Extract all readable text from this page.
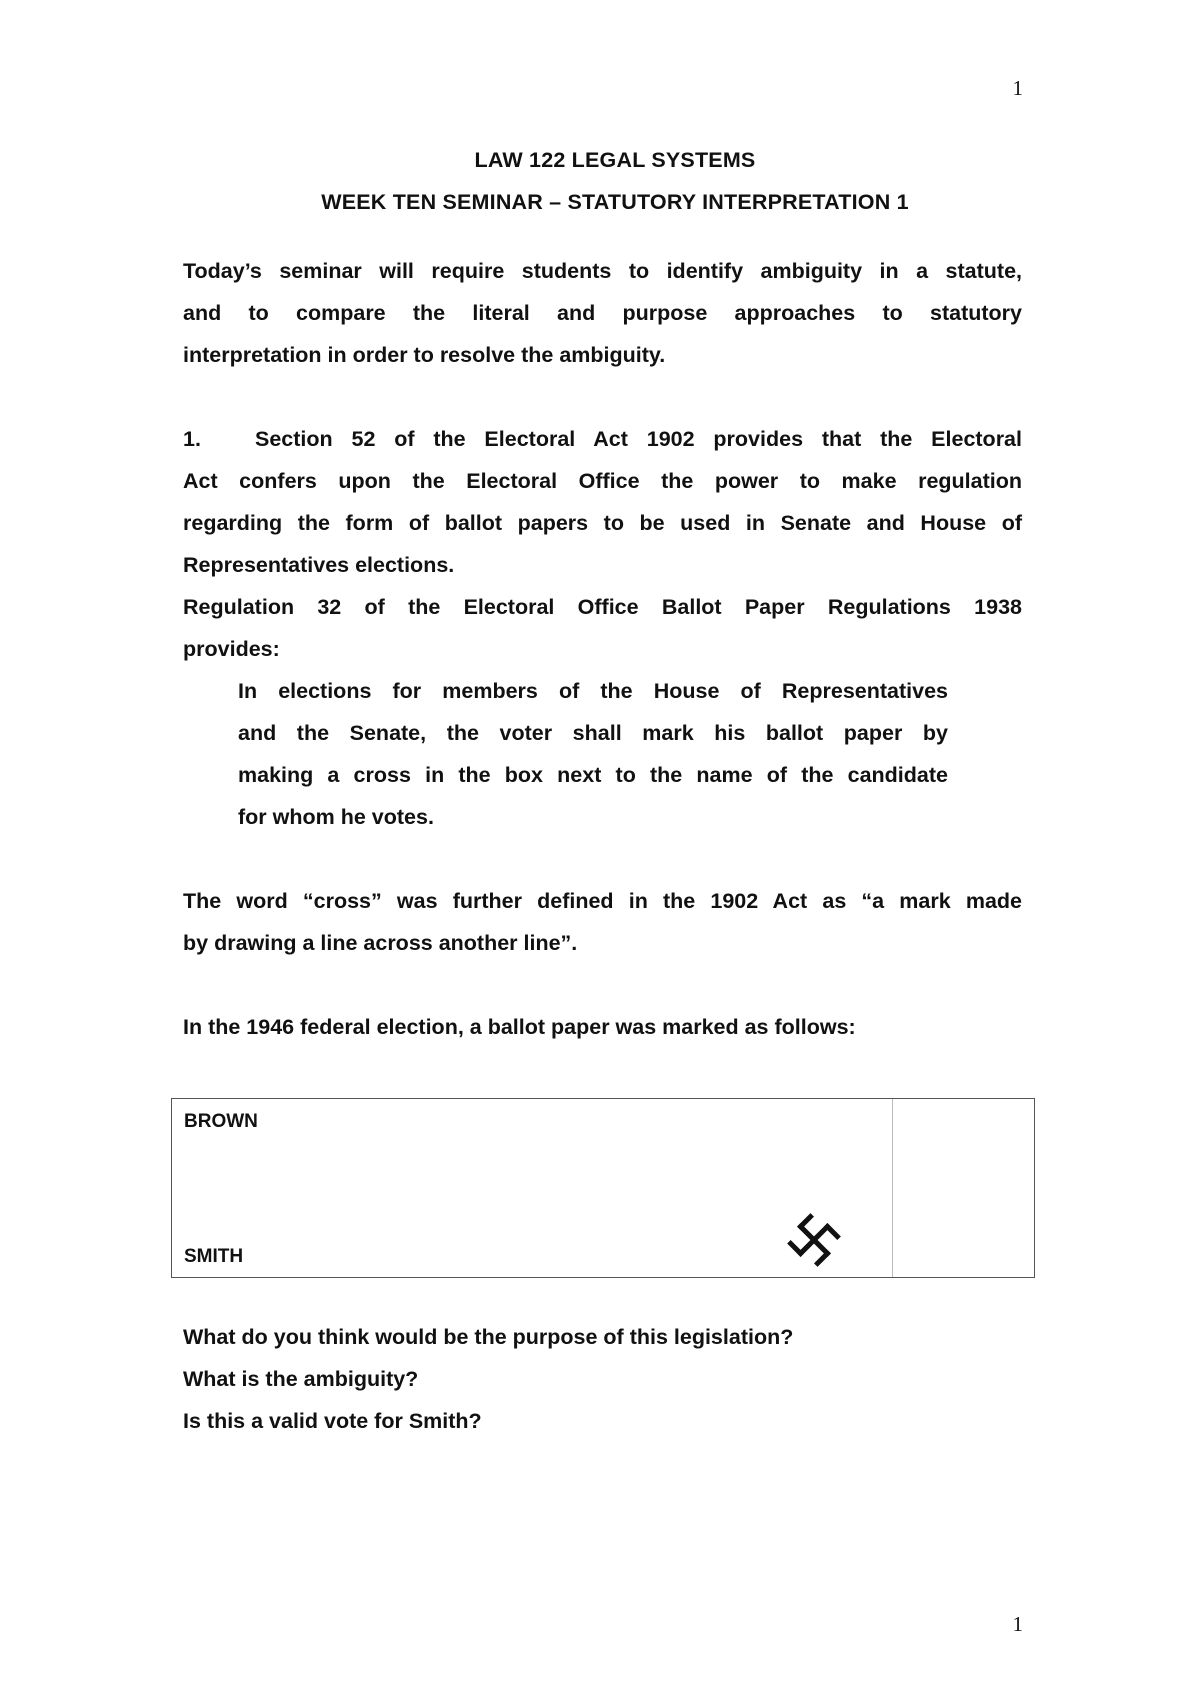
1
LAW 122 LEGAL SYSTEMS
WEEK TEN SEMINAR – STATUTORY INTERPRETATION 1
Today’s seminar will require students to identify ambiguity in a statute,
and to compare the literal and purpose approaches to statutory
interpretation in order to resolve the ambiguity.
1.	Section 52 of the Electoral Act 1902 provides that the Electoral
Act confers upon the Electoral Office the power to make regulation
regarding the form of ballot papers to be used in Senate and House of
Representatives elections.
Regulation 32 of the Electoral Office Ballot Paper Regulations 1938
provides:
In elections for members of the House of Representatives
and the Senate, the voter shall mark his ballot paper by
making a cross in the box next to the name of the candidate
for whom he votes.
The word “cross” was further defined in the 1902 Act as “a mark made
by drawing a line across another line”.
In the 1946 federal election, a ballot paper was marked as follows:
BROWN
SMITH
What do you think would be the purpose of this legislation?
What is the ambiguity?
Is this a valid vote for Smith?
1
